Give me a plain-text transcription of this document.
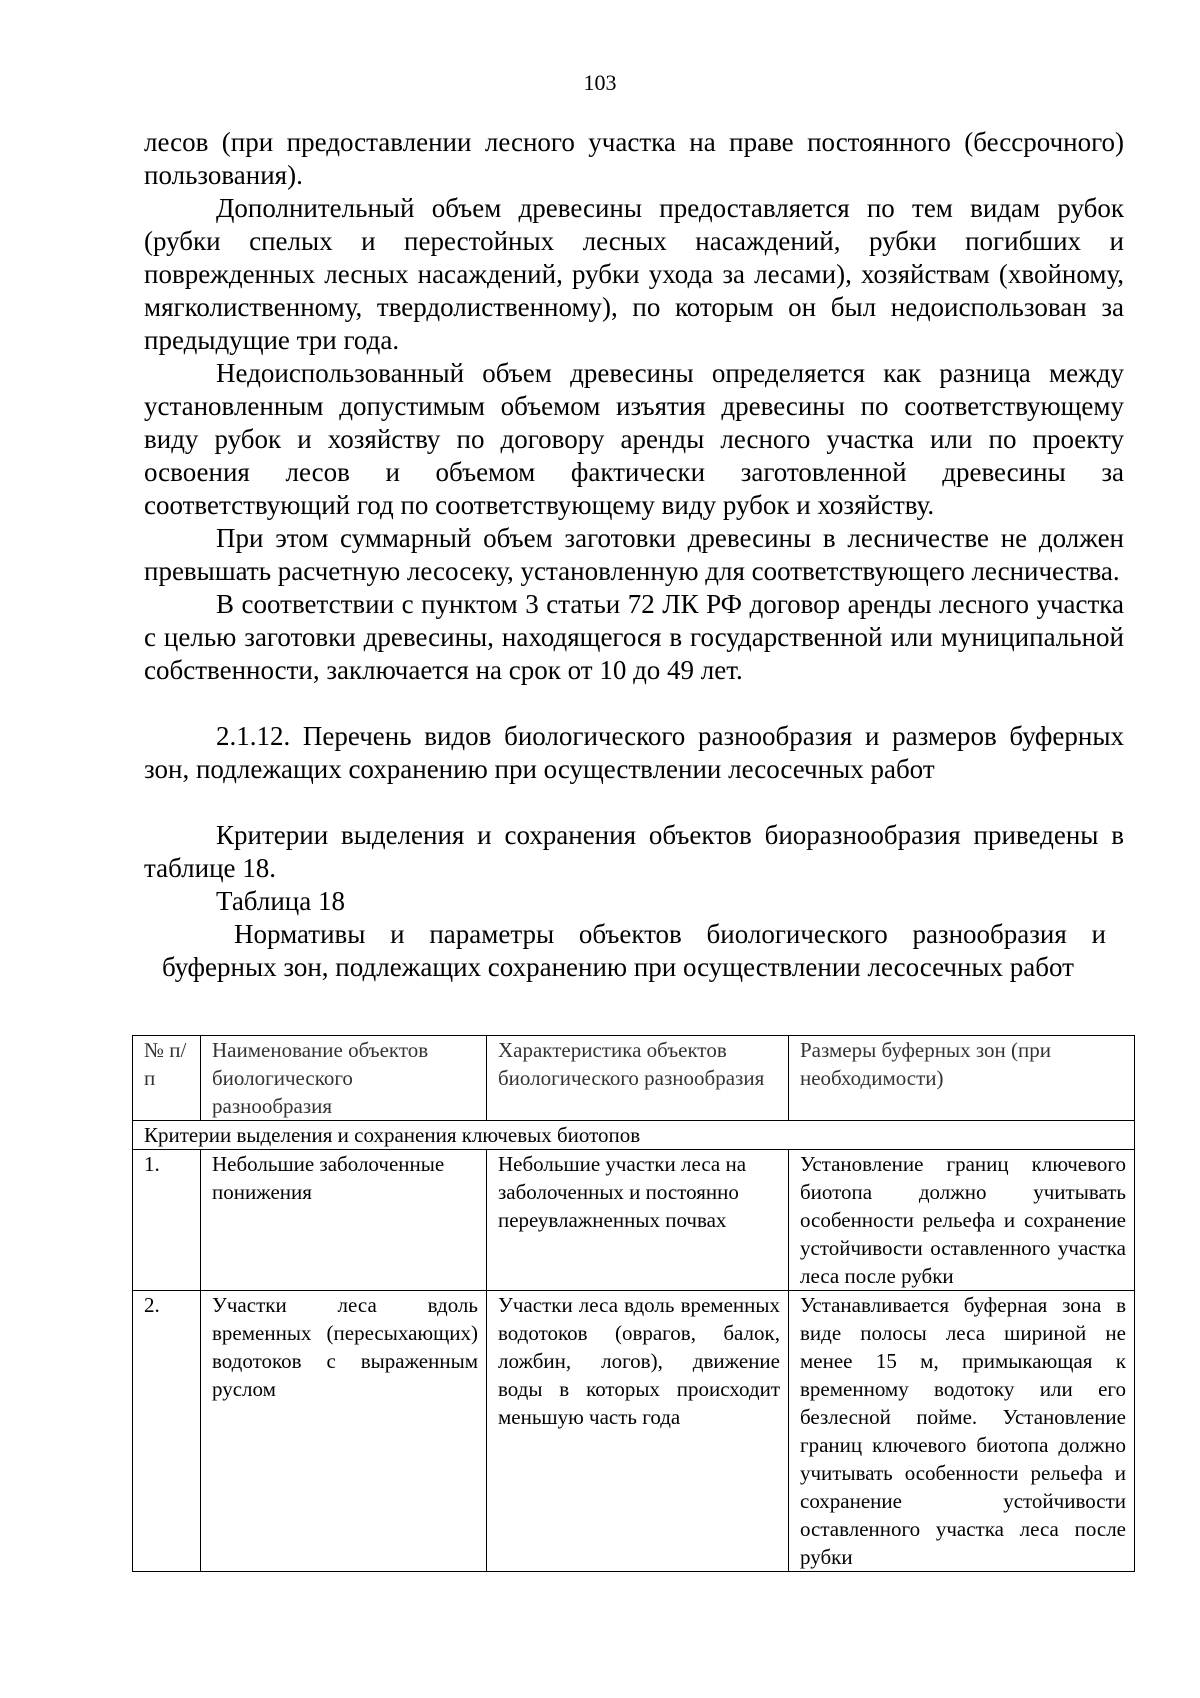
103

лесов (при предоставлении лесного участка на праве постоянного (бессрочного) пользования).

Дополнительный объем древесины предоставляется по тем видам рубок (рубки спелых и перестойных лесных насаждений, рубки погибших и поврежденных лесных насаждений, рубки ухода за лесами), хозяйствам (хвойному, мягколиственному, твердолиственному), по которым он был недоиспользован за предыдущие три года.

Недоиспользованный объем древесины определяется как разница между установленным допустимым объемом изъятия древесины по соответствующему виду рубок и хозяйству по договору аренды лесного участка или по проекту освоения лесов и объемом фактически заготовленной древесины за соответствующий год по соответствующему виду рубок и хозяйству.

При этом суммарный объем заготовки древесины в лесничестве не должен превышать расчетную лесосеку, установленную для соответствующего лесничества.

В соответствии с пунктом 3 статьи 72 ЛК РФ договор аренды лесного участка с целью заготовки древесины, находящегося в государственной или муниципальной собственности, заключается на срок от 10 до 49 лет.

2.1.12. Перечень видов биологического разнообразия и размеров буферных зон, подлежащих сохранению при осуществлении лесосечных работ

Критерии выделения и сохранения объектов биоразнообразия приведены в таблице 18.

Таблица 18

Нормативы и параметры объектов биологического разнообразия и буферных зон, подлежащих сохранению при осуществлении лесосечных работ

№ п/п	Наименование объектов биологического разнообразия	Характеристика объектов биологического разнообразия	Размеры буферных зон (при необходимости)
Критерии выделения и сохранения ключевых биотопов			
1.	Небольшие заболоченные понижения	Небольшие участки леса на заболоченных и постоянно переувлажненных почвах	Установление границ ключевого биотопа должно учитывать особенности рельефа и сохранение устойчивости оставленного участка леса после рубки
2.	Участки леса вдоль временных (пересыхающих) водотоков с выраженным руслом	Участки леса вдоль временных водотоков (оврагов, балок, ложбин, логов), движение воды в которых происходит меньшую часть года	Устанавливается буферная зона в виде полосы леса шириной не менее 15 м, примыкающая к временному водотоку или его безлесной пойме. Установление границ ключевого биотопа должно учитывать особенности рельефа и сохранение устойчивости оставленного участка леса после рубки
